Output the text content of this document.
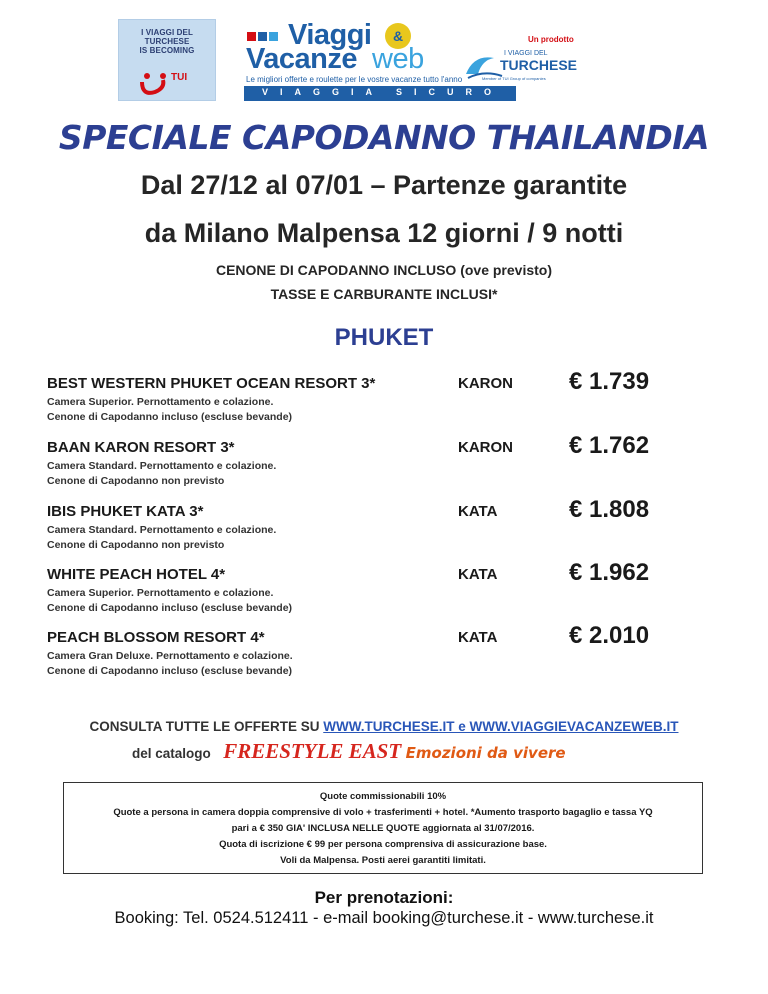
I VIAGGI DEL
TURCHESE
IS BECOMING
TUI
Viaggi	&
Vacanze web
Le migliori offerte e roulette per le vostre vacanze tutto l'anno
VIAGGIA SICURO
Un prodotto
I VIAGGI DEL
TURCHESE
Member of TUI Group of companies
SPECIALE CAPODANNO THAILANDIA
Dal 27/12 al 07/01 – Partenze garantite
da Milano Malpensa 12 giorni / 9 notti
CENONE DI CAPODANNO INCLUSO (ove previsto)
TASSE E CARBURANTE INCLUSI*
PHUKET
BEST WESTERN PHUKET OCEAN RESORT 3*	KARON € 1.739
Camera Superior. Pernottamento e colazione.
Cenone di Capodanno incluso (escluse bevande)
BAAN KARON RESORT 3*	KARON € 1.762
Camera Standard. Pernottamento e colazione.
Cenone di Capodanno non previsto
IBIS PHUKET KATA 3*	KATA	€ 1.808
Camera Standard. Pernottamento e colazione.
Cenone di Capodanno non previsto
WHITE PEACH HOTEL 4*	KATA	€ 1.962
Camera Superior. Pernottamento e colazione.
Cenone di Capodanno incluso (escluse bevande)
PEACH BLOSSOM RESORT 4*	KATA	€ 2.010
Camera Gran Deluxe. Pernottamento e colazione.
Cenone di Capodanno incluso (escluse bevande)
CONSULTA TUTTE LE OFFERTE SU WWW.TURCHESE.IT e WWW.VIAGGIEVACANZEWEB.IT
del catalogo FREESTYLE EAST Emozioni da vivere
Quote commissionabili 10%
Quote a persona in camera doppia comprensive di volo + trasferimenti + hotel. *Aumento trasporto bagaglio e tassa YQ
pari a € 350 GIA' INCLUSA NELLE QUOTE aggiornata al 31/07/2016.
Quota di iscrizione € 99 per persona comprensiva di assicurazione base.
Voli da Malpensa. Posti aerei garantiti limitati.
Per prenotazioni:
Booking: Tel. 0524.512411 - e-mail booking@turchese.it - www.turchese.it
